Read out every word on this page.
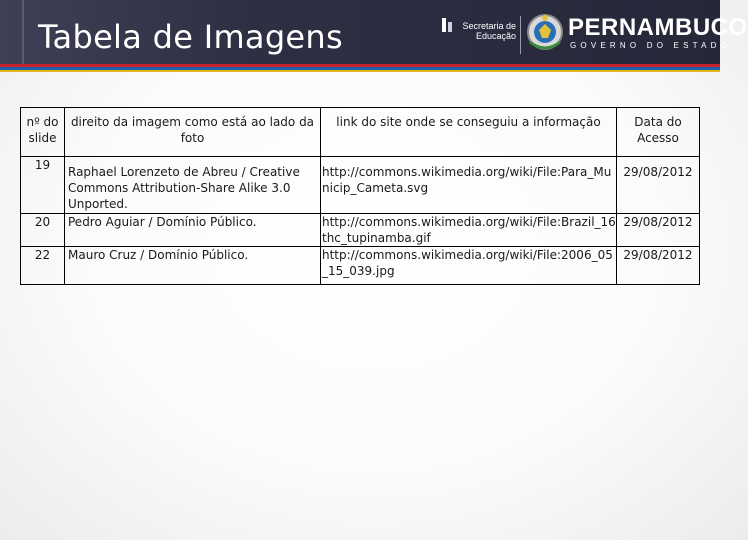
Tabela de Imagens	Secretaria de
Educação PERNAMBUCO
GOVERNO DO ESTADO
nº do slide	direito da imagem como está ao lado da foto	link do site onde se conseguiu a informação	Data do Acesso
19	Raphael Lorenzeto de Abreu / Creative Commons Attribution-Share Alike 3.0 Unported.	http://commons.wikimedia.org/wiki/File:Para_Municip_Cameta.svg	29/08/2012
20	Pedro Aguiar / Domínio Público.	http://commons.wikimedia.org/wiki/File:Brazil_16thc_tupinamba.gif	29/08/2012
22	Mauro Cruz / Domínio Público.	http://commons.wikimedia.org/wiki/File:2006_05_15_039.jpg	29/08/2012
